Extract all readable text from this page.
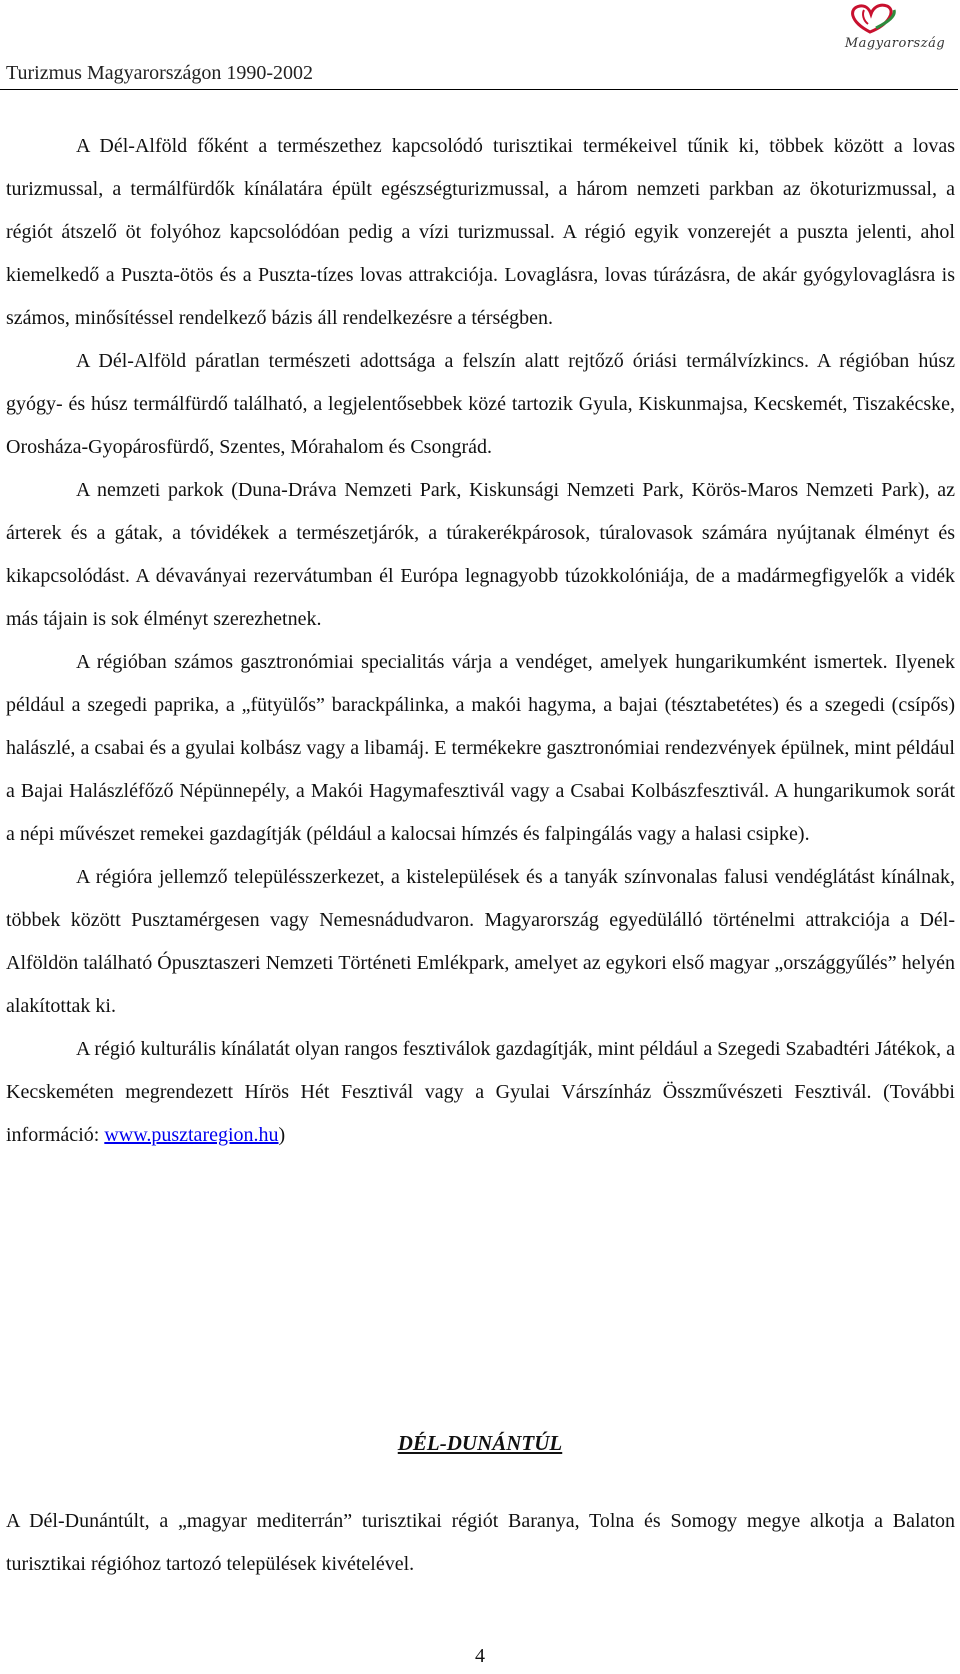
Turizmus Magyarországon 1990-2002
Magyarország

A Dél-Alföld főként a természethez kapcsolódó turisztikai termékeivel tűnik ki, többek között a lovas turizmussal, a termálfürdők kínálatára épült egészségturizmussal, a három nemzeti parkban az ökoturizmussal, a régiót átszelő öt folyóhoz kapcsolódóan pedig a vízi turizmussal. A régió egyik vonzerejét a puszta jelenti, ahol kiemelkedő a Puszta-ötös és a Puszta-tízes lovas attrakciója. Lovaglásra, lovas túrázásra, de akár gyógylovaglásra is számos, minősítéssel rendelkező bázis áll rendelkezésre a térségben.

A Dél-Alföld páratlan természeti adottsága a felszín alatt rejtőző óriási termálvízkincs. A régióban húsz gyógy- és húsz termálfürdő található, a legjelentősebbek közé tartozik Gyula, Kiskunmajsa, Kecskemét, Tiszakécske, Orosháza-Gyopárosfürdő, Szentes, Mórahalom és Csongrád.

A nemzeti parkok (Duna-Dráva Nemzeti Park, Kiskunsági Nemzeti Park, Körös-Maros Nemzeti Park), az árterek és a gátak, a tóvidékek a természetjárók, a túrakerékpárosok, túralovasok számára nyújtanak élményt és kikapcsolódást. A dévaványai rezervátumban él Európa legnagyobb túzokkolóniája, de a madármegfigyelők a vidék más tájain is sok élményt szerezhetnek.

A régióban számos gasztronómiai specialitás várja a vendéget, amelyek hungarikumként ismertek. Ilyenek például a szegedi paprika, a „fütyülős” barackpálinka, a makói hagyma, a bajai (tésztabetétes) és a szegedi (csípős) halászlé, a csabai és a gyulai kolbász vagy a libamáj. E termékekre gasztronómiai rendezvények épülnek, mint például a Bajai Halászléfőző Népünnepély, a Makói Hagymafesztivál vagy a Csabai Kolbászfesztivál. A hungarikumok sorát a népi művészet remekei gazdagítják (például a kalocsai hímzés és falpingálás vagy a halasi csipke).

A régióra jellemző településszerkezet, a kistelepülések és a tanyák színvonalas falusi vendéglátást kínálnak, többek között Pusztamérgesen vagy Nemesnádudvaron. Magyarország egyedülálló történelmi attrakciója a Dél-Alföldön található Ópusztaszeri Nemzeti Történeti Emlékpark, amelyet az egykori első magyar „országgyűlés” helyén alakítottak ki.

A régió kulturális kínálatát olyan rangos fesztiválok gazdagítják, mint például a Szegedi Szabadtéri Játékok, a Kecskeméten megrendezett Hírös Hét Fesztivál vagy a Gyulai Várszínház Összművészeti Fesztivál. (További információ: www.pusztaregion.hu)

DÉL-DUNÁNTÚL

A Dél-Dunántúlt, a „magyar mediterrán” turisztikai régiót Baranya, Tolna és Somogy megye alkotja a Balaton turisztikai régióhoz tartozó települések kivételével.

4
